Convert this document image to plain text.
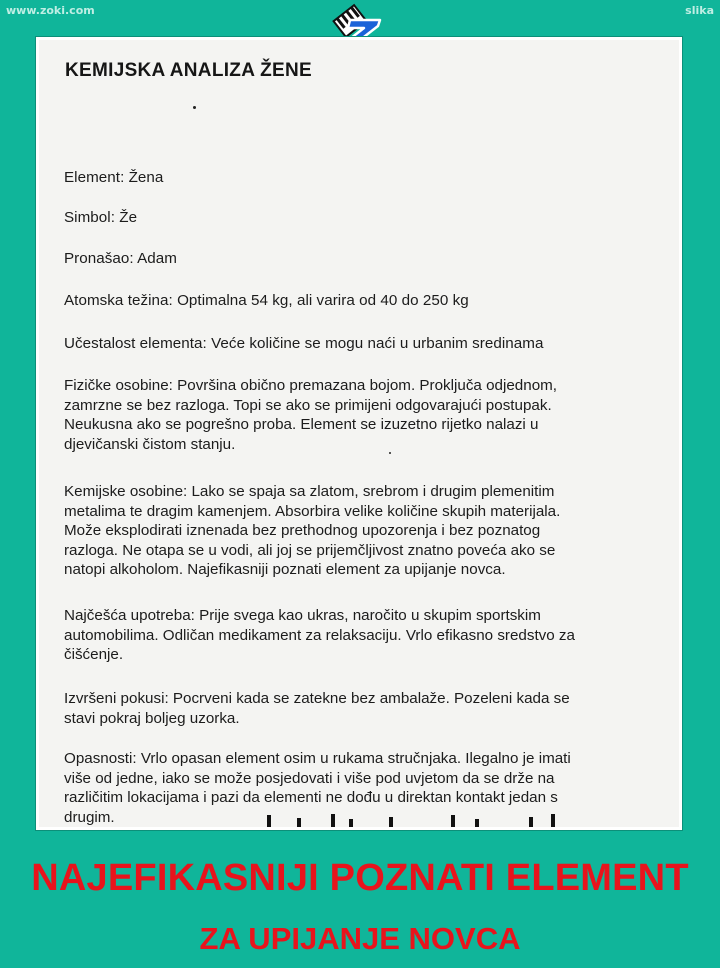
www.zoki.com	slika
KEMIJSKA ANALIZA ŽENE
Element: Žena
Simbol: Že
Pronašao: Adam
Atomska težina: Optimalna 54 kg, ali varira od 40 do 250 kg
Učestalost elementa: Veće količine se mogu naći u urbanim sredinama
Fizičke osobine: Površina obično premazana bojom. Proključa odjednom,
zamrzne se bez razloga. Topi se ako se primijeni odgovarajući postupak.
Neukusna ako se pogrešno proba. Element se izuzetno rijetko nalazi u
djevičanski čistom stanju.
Kemijske osobine: Lako se spaja sa zlatom, srebrom i drugim plemenitim
metalima te dragim kamenjem. Absorbira velike količine skupih materijala.
Može eksplodirati iznenada bez prethodnog upozorenja i bez poznatog
razloga. Ne otapa se u vodi, ali joj se prijemčljivost znatno poveća ako se
natopi alkoholom. Najefikasniji poznati element za upijanje novca.
Najčešća upotreba: Prije svega kao ukras, naročito u skupim sportskim
automobilima. Odličan medikament za relaksaciju. Vrlo efikasno sredstvo za
čišćenje.
Izvršeni pokusi: Pocrveni kada se zatekne bez ambalaže. Pozeleni kada se
stavi pokraj boljeg uzorka.
Opasnosti: Vrlo opasan element osim u rukama stručnjaka. Ilegalno je imati
više od jedne, iako se može posjedovati i više pod uvjetom da se drže na
različitim lokacijama i pazi da elementi ne dođu u direktan kontakt jedan s
drugim.
NAJEFIKASNIJI POZNATI ELEMENT
ZA UPIJANJE NOVCA
